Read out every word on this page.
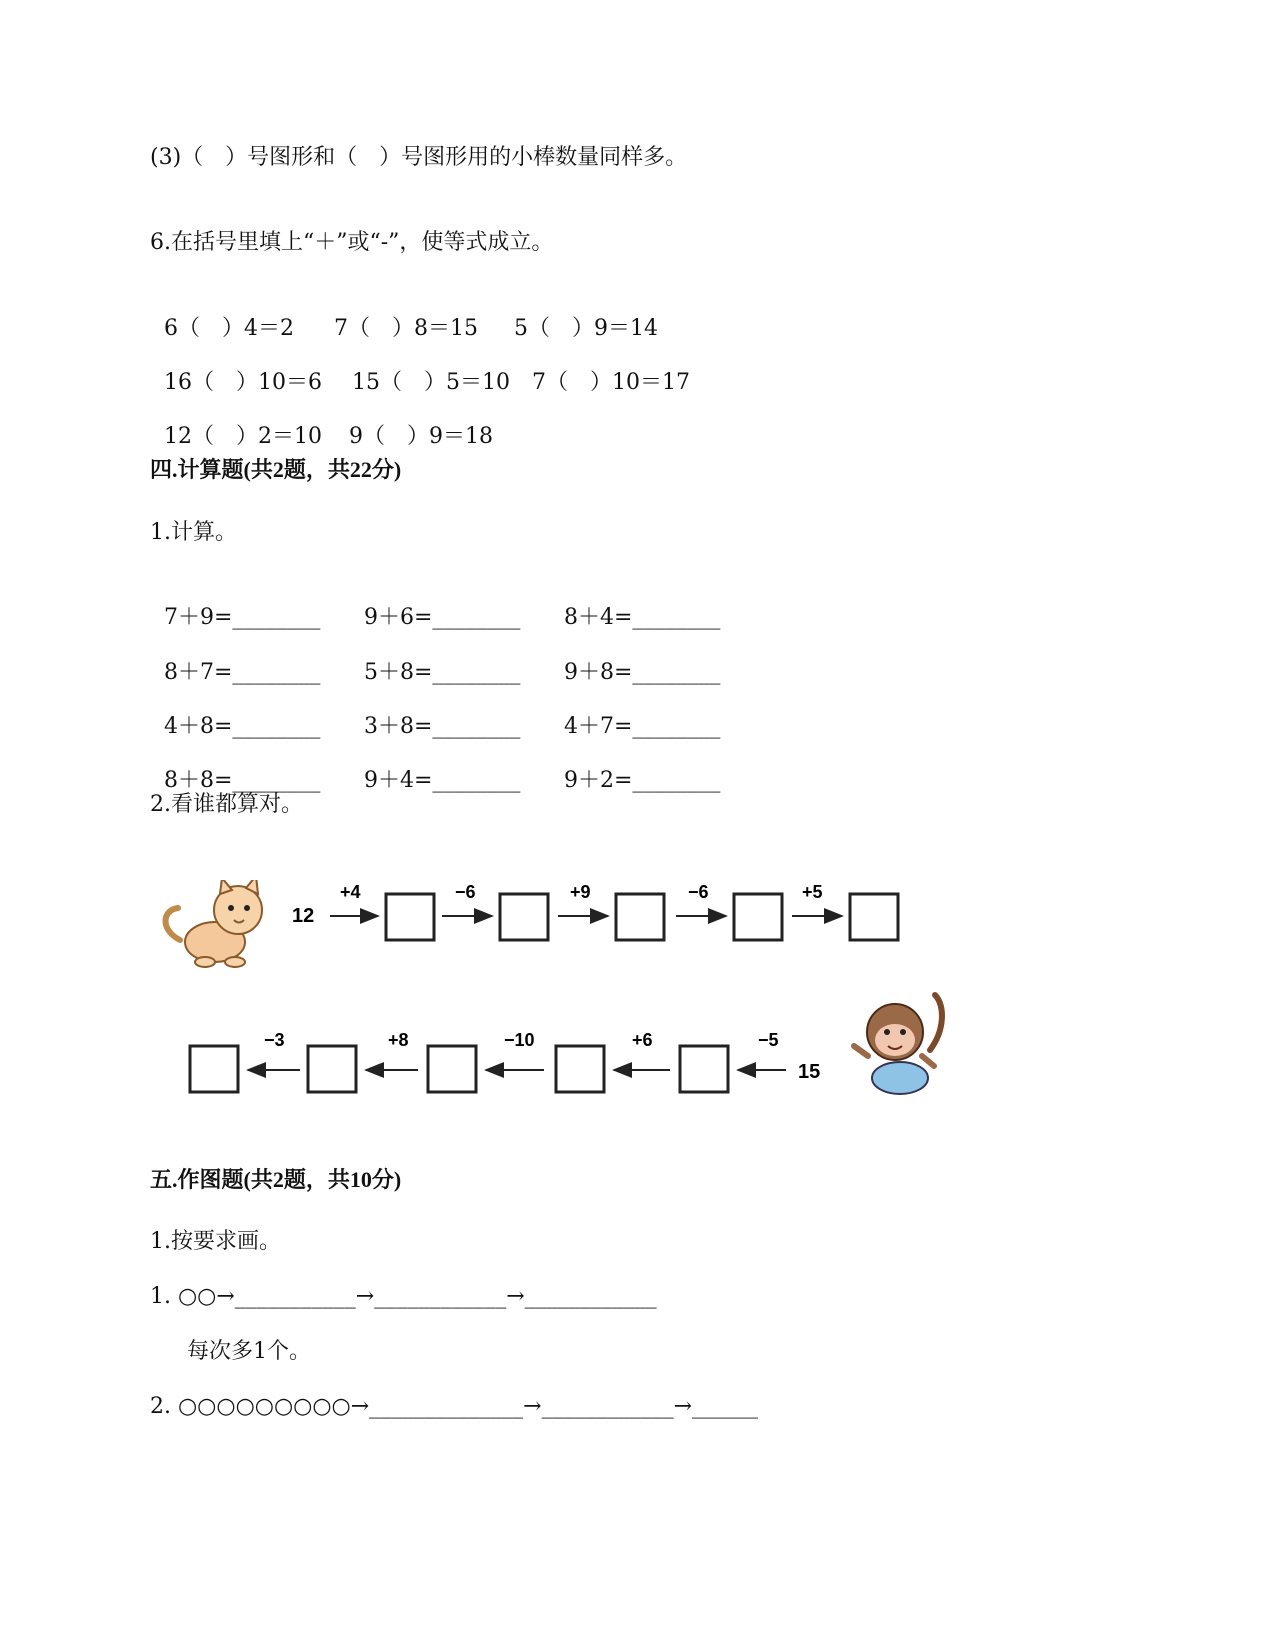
(3)（　）号图形和（　）号图形用的小棒数量同样多。
6.在括号里填上“＋”或“-”，使等式成立。

6（　）4＝2 7（　）8＝15 5（　）9＝14

16（　）10＝6 15（　）5＝10 7（　）10＝17

12（　）2＝10 9（　）9＝18

四.计算题(共2题，共22分)
1.计算。

7＋9=________ 9＋6=________ 8＋4=________

8＋7=________ 5＋8=________ 9＋8=________

4＋8=________ 3＋8=________ 4＋7=________

8＋8=________ 9＋4=________ 9＋2=________

2.看谁都算对。
12
+4	−6	+9	−6	+5
−5
+6
−10
+8
−3
15
五.作图题(共2题，共10分)
1.按要求画。
1. ○○→___________→____________→____________
每次多1个。
2. ○○○○○○○○○→______________→____________→______
